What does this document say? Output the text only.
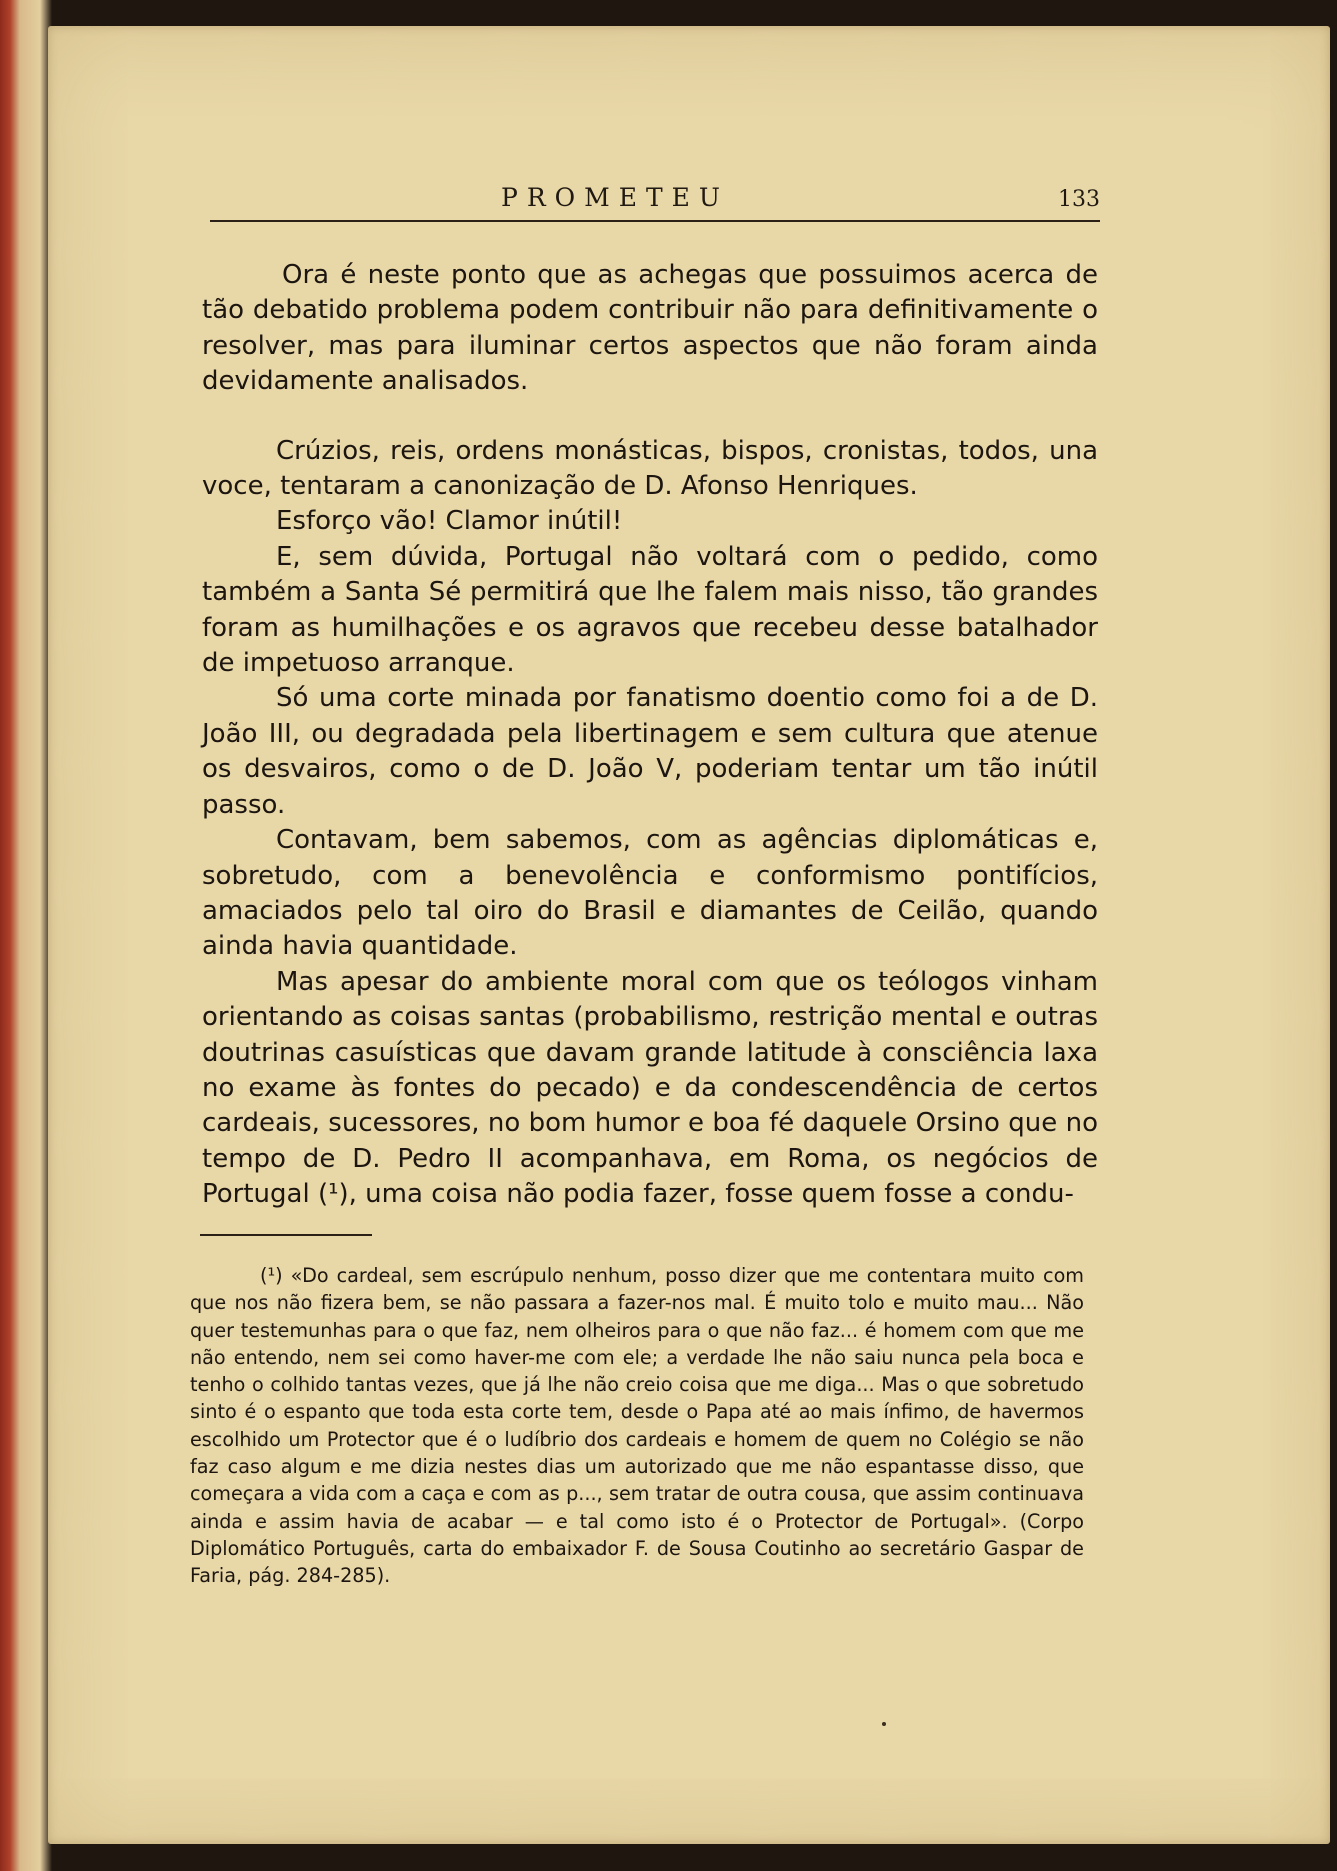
PROMETEU	133

Ora é neste ponto que as achegas que possuimos acerca de tão debatido problema podem contribuir não para definitivamente o resolver, mas para iluminar certos aspectos que não foram ainda devidamente analisados.

Crúzios, reis, ordens monásticas, bispos, cronistas, todos, una voce, tentaram a canonização de D. Afonso Henriques.

Esforço vão! Clamor inútil!

E, sem dúvida, Portugal não voltará com o pedido, como também a Santa Sé permitirá que lhe falem mais nisso, tão grandes foram as humilhações e os agravos que recebeu desse batalhador de impetuoso arranque.

Só uma corte minada por fanatismo doentio como foi a de D. João III, ou degradada pela libertinagem e sem cultura que atenue os desvairos, como o de D. João V, poderiam tentar um tão inútil passo.

Contavam, bem sabemos, com as agências diplomáticas e, sobretudo, com a benevolência e conformismo pontifícios, amaciados pelo tal oiro do Brasil e diamantes de Ceilão, quando ainda havia quantidade.

Mas apesar do ambiente moral com que os teólogos vinham orientando as coisas santas (probabilismo, restrição mental e outras doutrinas casuísticas que davam grande latitude à consciência laxa no exame às fontes do pecado) e da condescendência de certos cardeais, sucessores, no bom humor e boa fé daquele Orsino que no tempo de D. Pedro II acompanhava, em Roma, os negócios de Portugal (¹), uma coisa não podia fazer, fosse quem fosse a condu-

(¹) «Do cardeal, sem escrúpulo nenhum, posso dizer que me contentara muito com que nos não fizera bem, se não passara a fazer-nos mal. É muito tolo e muito mau... Não quer testemunhas para o que faz, nem olheiros para o que não faz... é homem com que me não entendo, nem sei como haver-me com ele; a verdade lhe não saiu nunca pela boca e tenho o colhido tantas vezes, que já lhe não creio coisa que me diga... Mas o que sobretudo sinto é o espanto que toda esta corte tem, desde o Papa até ao mais ínfimo, de havermos escolhido um Protector que é o ludíbrio dos cardeais e homem de quem no Colégio se não faz caso algum e me dizia nestes dias um autorizado que me não espantasse disso, que começara a vida com a caça e com as p..., sem tratar de outra cousa, que assim continuava ainda e assim havia de acabar — e tal como isto é o Protector de Portugal». (Corpo Diplomático Português, carta do embaixador F. de Sousa Coutinho ao secretário Gaspar de Faria, pág. 284-285).
